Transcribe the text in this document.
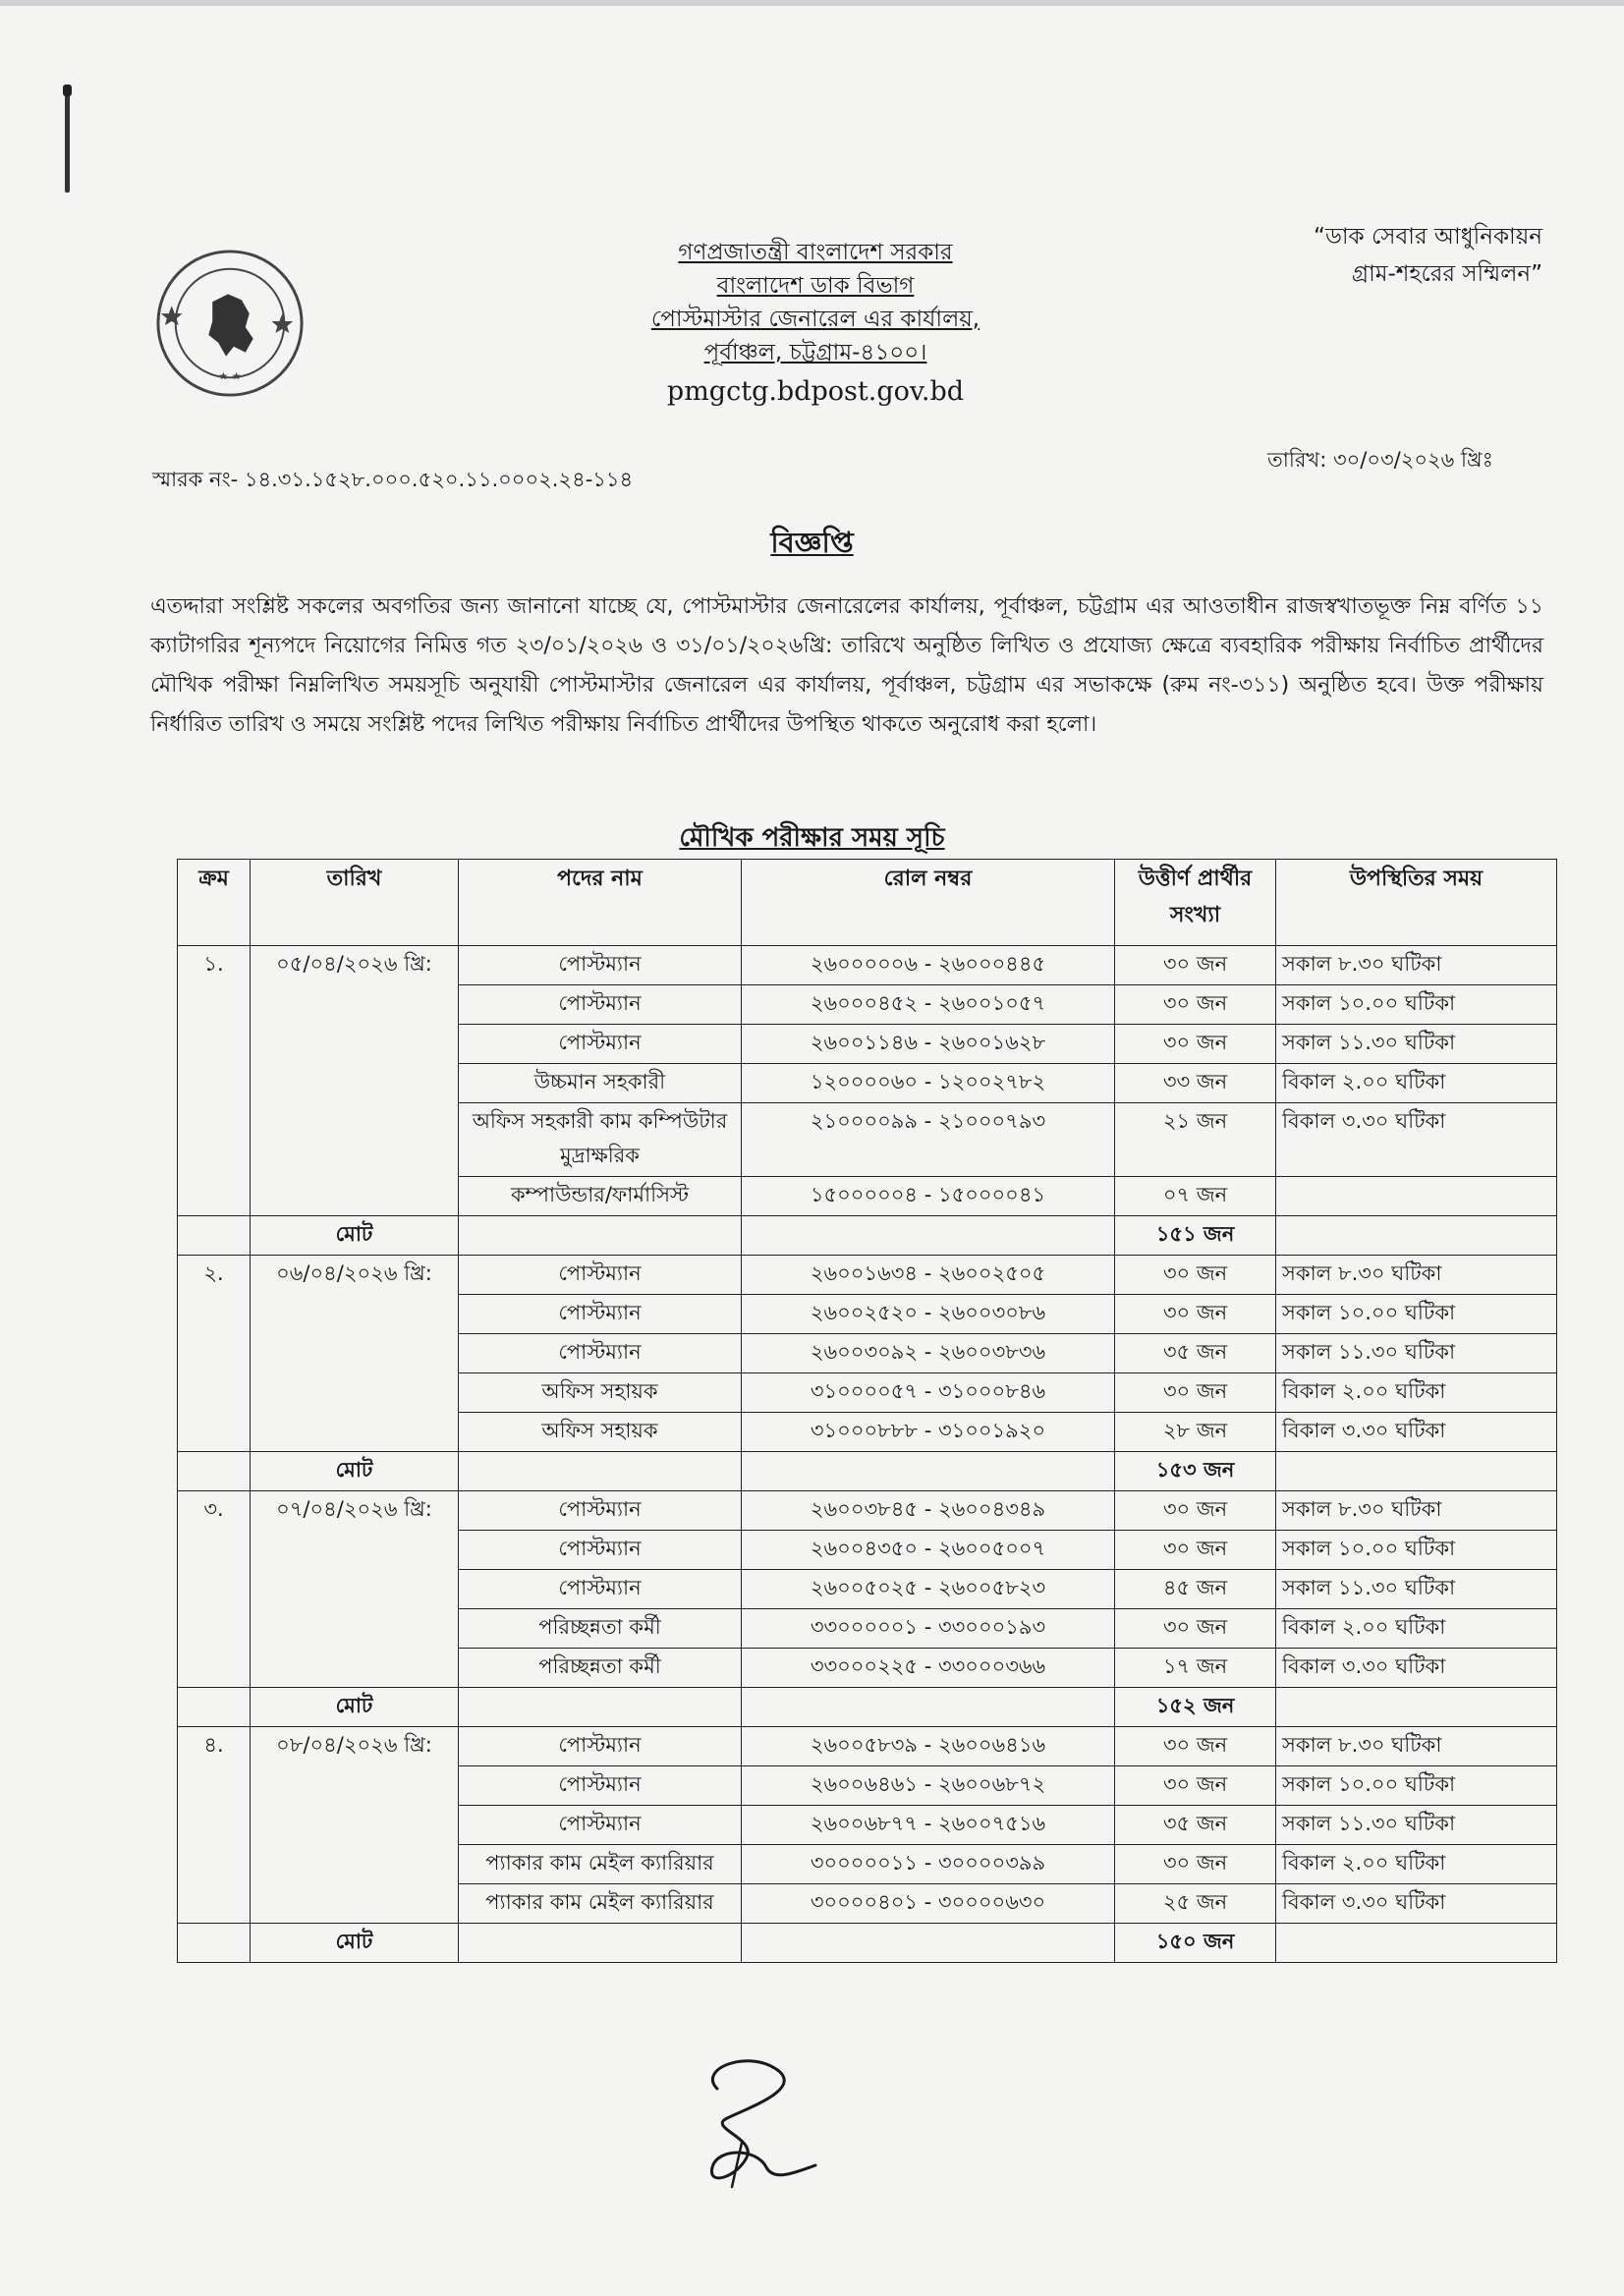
★ ★
গণপ্রজাতন্ত্রী বাংলাদেশ সরকার
বাংলাদেশ ডাক বিভাগ
পোস্টমাস্টার জেনারেল এর কার্যালয়,
পূর্বাঞ্চল, চট্টগ্রাম-৪১০০।
pmgctg.bdpost.gov.bd
“ডাক সেবার আধুনিকায়ন
গ্রাম-শহরের সম্মিলন”
তারিখ: ৩০/০৩/২০২৬ খ্রিঃ
স্মারক নং- ১৪.৩১.১৫২৮.০০০.৫২০.১১.০০০২.২৪-১১৪
বিজ্ঞপ্তি
এতদ্দারা সংশ্লিষ্ট সকলের অবগতির জন্য জানানো যাচ্ছে যে, পোস্টমাস্টার জেনারেলের কার্যালয়, পূর্বাঞ্চল, চট্টগ্রাম এর আওতাধীন রাজস্বখাতভূক্ত নিম্ন বর্ণিত ১১ ক্যাটাগরির শূন্যপদে নিয়োগের নিমিত্ত গত ২৩/০১/২০২৬ ও ৩১/০১/২০২৬খ্রি: তারিখে অনুষ্ঠিত লিখিত ও প্রযোজ্য ক্ষেত্রে ব্যবহারিক পরীক্ষায় নির্বাচিত প্রার্থীদের মৌখিক পরীক্ষা নিম্নলিখিত সময়সূচি অনুযায়ী পোস্টমাস্টার জেনারেল এর কার্যালয়, পূর্বাঞ্চল, চট্টগ্রাম এর সভাকক্ষে (রুম নং-৩১১) অনুষ্ঠিত হবে। উক্ত পরীক্ষায় নির্ধারিত তারিখ ও সময়ে সংশ্লিষ্ট পদের লিখিত পরীক্ষায় নির্বাচিত প্রার্থীদের উপস্থিত থাকতে অনুরোধ করা হলো।
মৌখিক পরীক্ষার সময় সূচি
ক্রম	তারিখ	পদের নাম	রোল নম্বর	উত্তীর্ণ প্রার্থীর সংখ্যা	উপস্থিতির সময়
১.	০৫/০৪/২০২৬ খ্রি:	পোস্টম্যান	২৬০০০০০৬ - ২৬০০০৪৪৫	৩০ জন	সকাল ৮.৩০ ঘটিকা
		পোস্টম্যান	২৬০০০৪৫২ - ২৬০০১০৫৭	৩০ জন	সকাল ১০.০০ ঘটিকা
		পোস্টম্যান	২৬০০১১৪৬ - ২৬০০১৬২৮	৩০ জন	সকাল ১১.৩০ ঘটিকা
		উচ্চমান সহকারী	১২০০০০৬০ - ১২০০২৭৮২	৩৩ জন	বিকাল ২.০০ ঘটিকা
		অফিস সহকারী কাম কম্পিউটার মুদ্রাক্ষরিক	২১০০০০৯৯ - ২১০০০৭৯৩	২১ জন	বিকাল ৩.৩০ ঘটিকা
		কম্পাউন্ডার/ফার্মাসিস্ট	১৫০০০০০৪ - ১৫০০০০৪১	০৭ জন	
	মোট			১৫১ জন	
২.	০৬/০৪/২০২৬ খ্রি:	পোস্টম্যান	২৬০০১৬৩৪ - ২৬০০২৫০৫	৩০ জন	সকাল ৮.৩০ ঘটিকা
		পোস্টম্যান	২৬০০২৫২০ - ২৬০০৩০৮৬	৩০ জন	সকাল ১০.০০ ঘটিকা
		পোস্টম্যান	২৬০০৩০৯২ - ২৬০০৩৮৩৬	৩৫ জন	সকাল ১১.৩০ ঘটিকা
		অফিস সহায়ক	৩১০০০০৫৭ - ৩১০০০৮৪৬	৩০ জন	বিকাল ২.০০ ঘটিকা
		অফিস সহায়ক	৩১০০০৮৮৮ - ৩১০০১৯২০	২৮ জন	বিকাল ৩.৩০ ঘটিকা
	মোট			১৫৩ জন	
৩.	০৭/০৪/২০২৬ খ্রি:	পোস্টম্যান	২৬০০৩৮৪৫ - ২৬০০৪৩৪৯	৩০ জন	সকাল ৮.৩০ ঘটিকা
		পোস্টম্যান	২৬০০৪৩৫০ - ২৬০০৫০০৭	৩০ জন	সকাল ১০.০০ ঘটিকা
		পোস্টম্যান	২৬০০৫০২৫ - ২৬০০৫৮২৩	৪৫ জন	সকাল ১১.৩০ ঘটিকা
		পরিচ্ছন্নতা কর্মী	৩৩০০০০০১ - ৩৩০০০১৯৩	৩০ জন	বিকাল ২.০০ ঘটিকা
		পরিচ্ছন্নতা কর্মী	৩৩০০০২২৫ - ৩৩০০০৩৬৬	১৭ জন	বিকাল ৩.৩০ ঘটিকা
	মোট			১৫২ জন	
৪.	০৮/০৪/২০২৬ খ্রি:	পোস্টম্যান	২৬০০৫৮৩৯ - ২৬০০৬৪১৬	৩০ জন	সকাল ৮.৩০ ঘটিকা
		পোস্টম্যান	২৬০০৬৪৬১ - ২৬০০৬৮৭২	৩০ জন	সকাল ১০.০০ ঘটিকা
		পোস্টম্যান	২৬০০৬৮৭৭ - ২৬০০৭৫১৬	৩৫ জন	সকাল ১১.৩০ ঘটিকা
		প্যাকার কাম মেইল ক্যারিয়ার	৩০০০০০১১ - ৩০০০০৩৯৯	৩০ জন	বিকাল ২.০০ ঘটিকা
		প্যাকার কাম মেইল ক্যারিয়ার	৩০০০০৪০১ - ৩০০০০৬৩০	২৫ জন	বিকাল ৩.৩০ ঘটিকা
	মোট			১৫০ জন	
